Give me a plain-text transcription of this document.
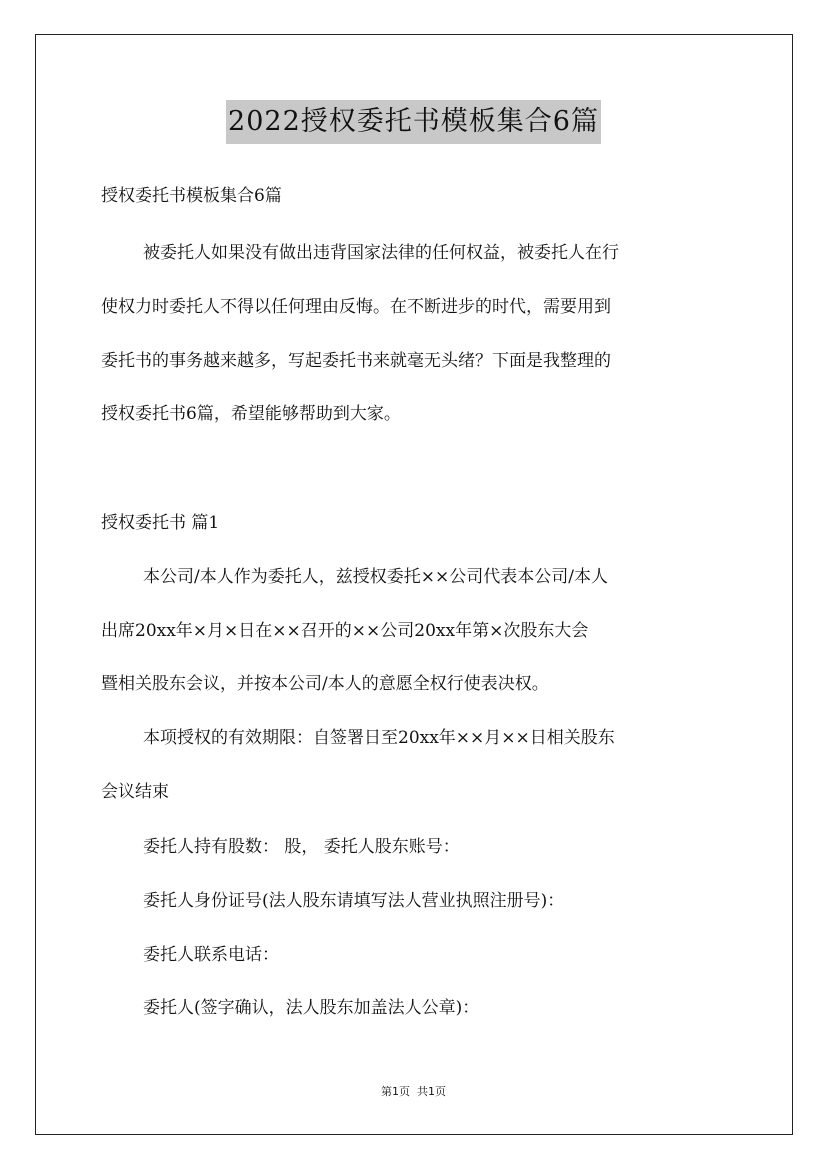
2022授权委托书模板集合6篇
授权委托书模板集合6篇
被委托人如果没有做出违背国家法律的任何权益，被委托人在行
使权力时委托人不得以任何理由反悔。在不断进步的时代，需要用到
委托书的事务越来越多，写起委托书来就毫无头绪？下面是我整理的
授权委托书6篇，希望能够帮助到大家。
授权委托书 篇1
本公司/本人作为委托人，兹授权委托××公司代表本公司/本人
出席20xx年×月×日在××召开的××公司20xx年第×次股东大会
暨相关股东会议，并按本公司/本人的意愿全权行使表决权。
本项授权的有效期限：自签署日至20xx年××月××日相关股东
会议结束
委托人持有股数： 股， 委托人股东账号：
委托人身份证号(法人股东请填写法人营业执照注册号)：
委托人联系电话：
委托人(签字确认，法人股东加盖法人公章)：
第1页  共1页
